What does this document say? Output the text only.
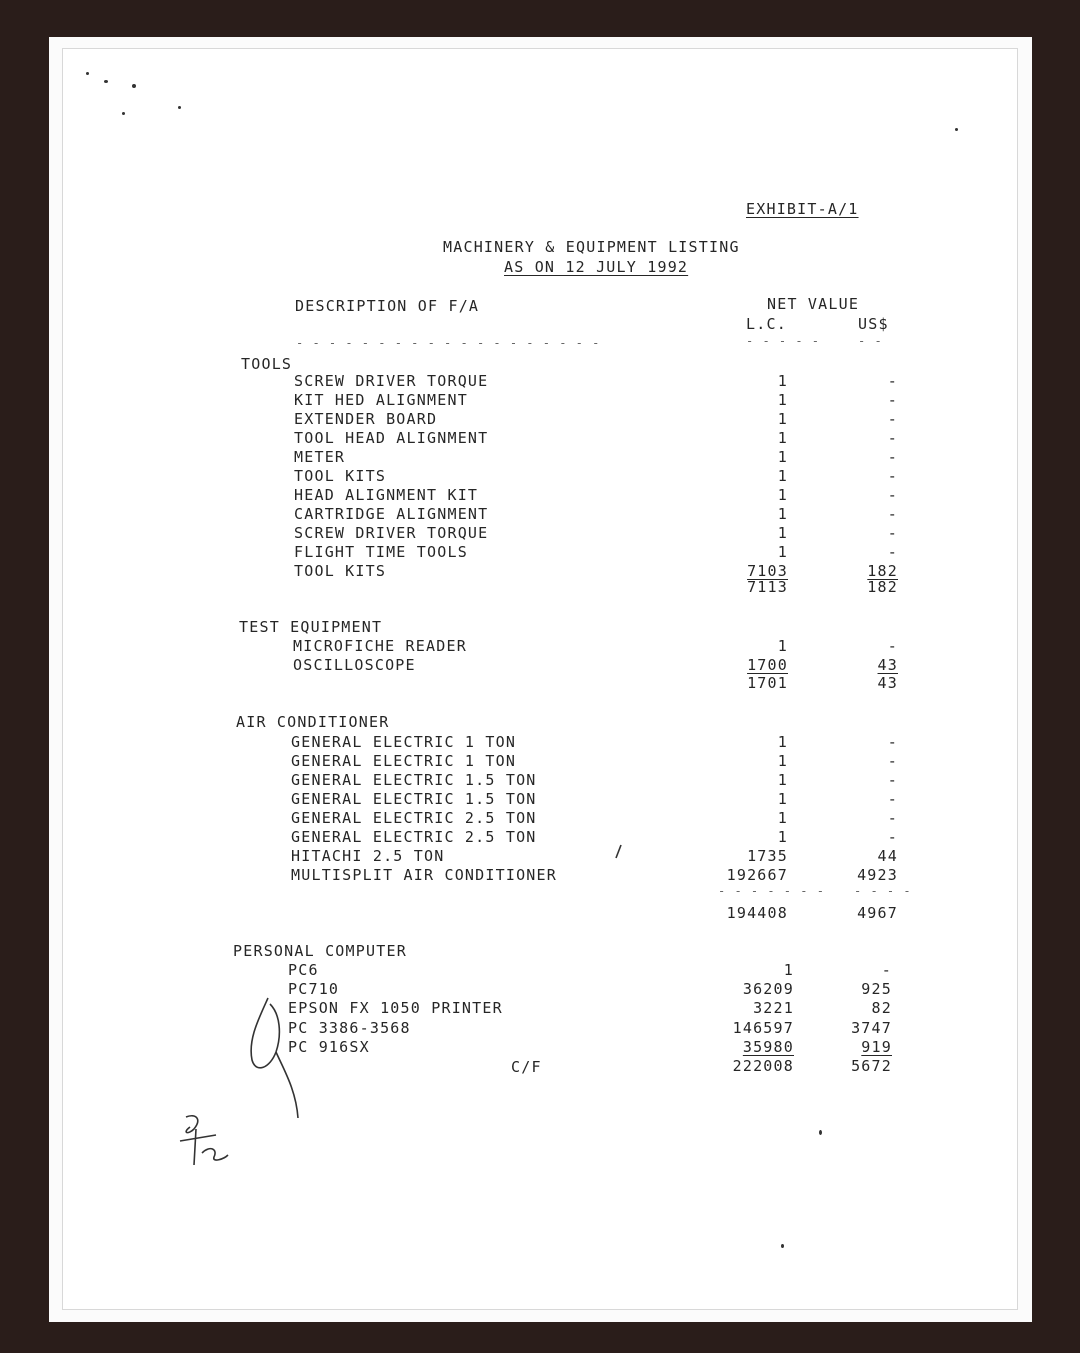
EXHIBIT-A/1
MACHINERY & EQUIPMENT LISTING
AS ON 12 JULY 1992
DESCRIPTION OF F/A	NET VALUE
L.C.	US$
- - - - - - - - - - - - - - - - - - -	- - - - -	- -
TOOLS
SCREW DRIVER TORQUE	1	-
KIT HED ALIGNMENT	1	-
EXTENDER BOARD	1	-
TOOL HEAD ALIGNMENT	1	-
METER	1	-
TOOL KITS	1	-
HEAD ALIGNMENT KIT	1	-
CARTRIDGE ALIGNMENT	1	-
SCREW DRIVER TORQUE	1	-
FLIGHT TIME TOOLS	1	-
TOOL KITS	7103	182
7113	182
TEST EQUIPMENT
MICROFICHE READER	1	-
OSCILLOSCOPE	1700	43
1701	43
AIR CONDITIONER
GENERAL ELECTRIC 1 TON	1	-
GENERAL ELECTRIC 1 TON	1	-
GENERAL ELECTRIC 1.5 TON	1	-
GENERAL ELECTRIC 1.5 TON	1	-
GENERAL ELECTRIC 2.5 TON	1	-
GENERAL ELECTRIC 2.5 TON	1	-
HITACHI 2.5 TON	1735	44
MULTISPLIT AIR CONDITIONER	192667	4923
- - - - - - - - - - -
194408	4967
PERSONAL COMPUTER
PC6	1	-
PC710	36209	925
EPSON FX 1050 PRINTER	3221	82
PC 3386-3568	146597	3747
PC 916SX	35980	919
222008	5672
C/F
